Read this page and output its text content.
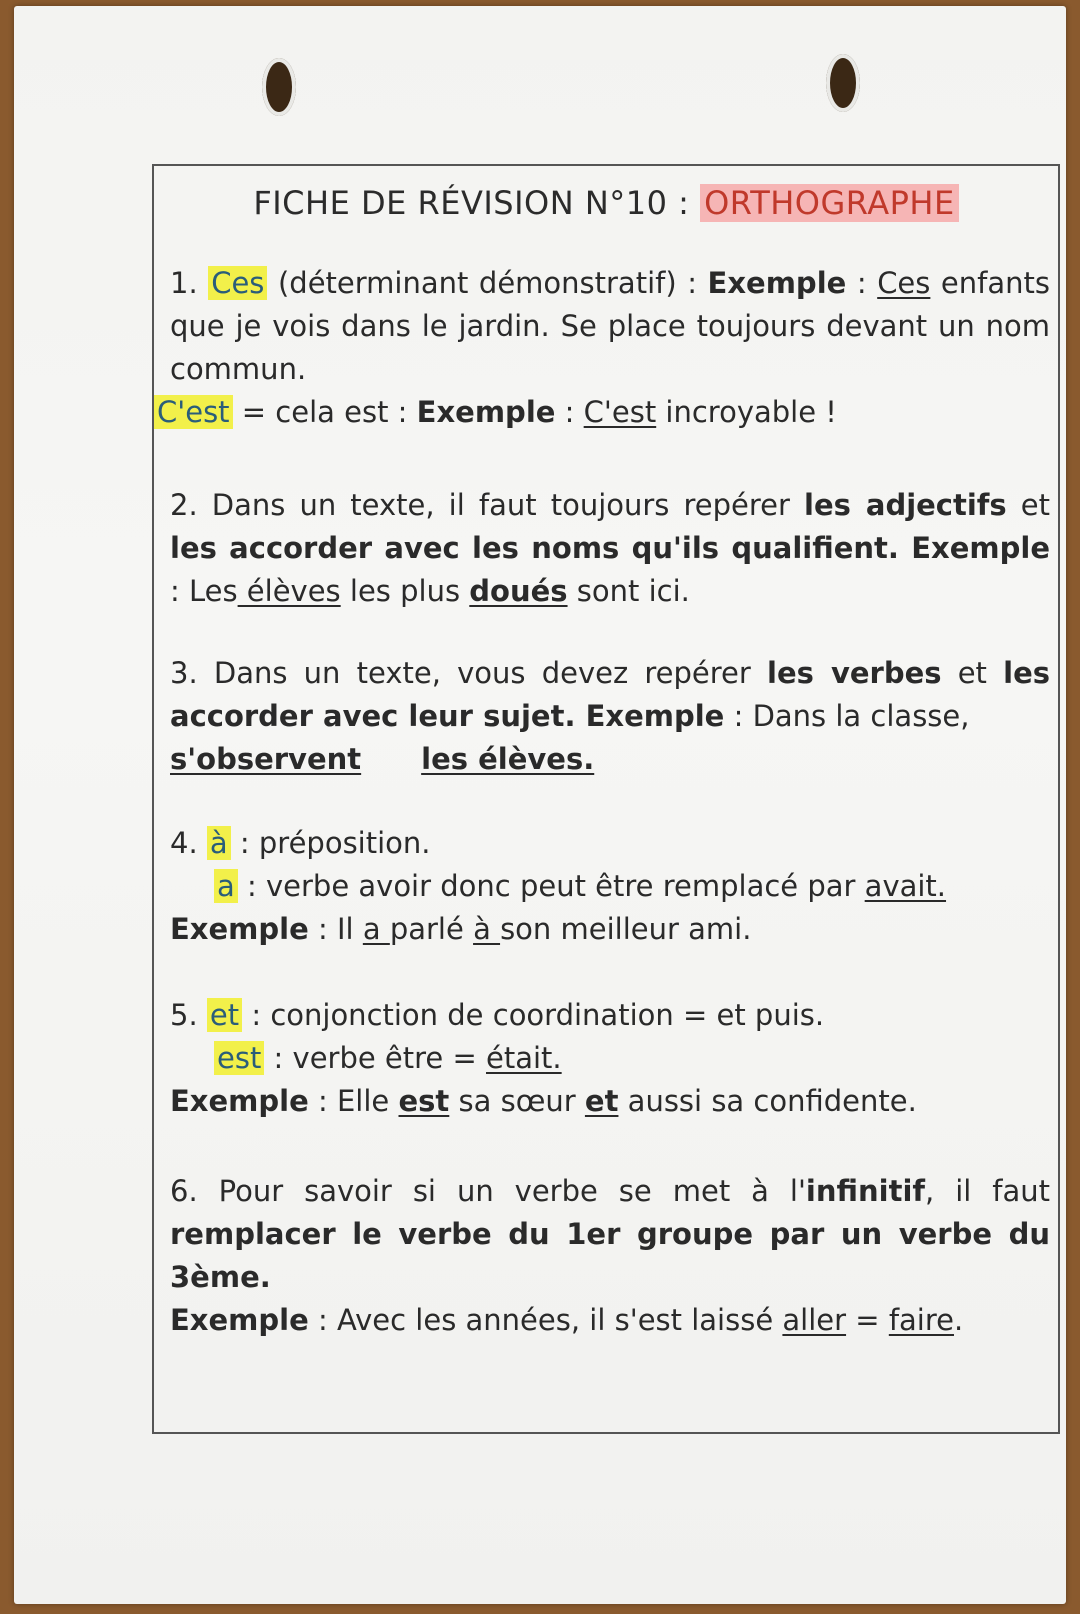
FICHE DE RÉVISION N°10 : ORTHOGRAPHE
1. Ces (déterminant démonstratif) : Exemple : Ces enfants que je vois dans le jardin. Se place toujours devant un nom commun.
C'est = cela est : Exemple : C'est incroyable !
2. Dans un texte, il faut toujours repérer les adjectifs et les accorder avec les noms qu'ils qualifient. Exemple : Les élèves les plus doués sont ici.
3. Dans un texte, vous devez repérer les verbes et les accorder avec leur sujet. Exemple : Dans la classe,
s'observent les élèves.
4. à : préposition.
a : verbe avoir donc peut être remplacé par avait.
Exemple : Il a parlé à son meilleur ami.
5. et : conjonction de coordination = et puis.
est : verbe être = était.
Exemple : Elle est sa sœur et aussi sa confidente.
6. Pour savoir si un verbe se met à l'infinitif, il faut remplacer le verbe du 1er groupe par un verbe du 3ème.
Exemple : Avec les années, il s'est laissé aller = faire.
